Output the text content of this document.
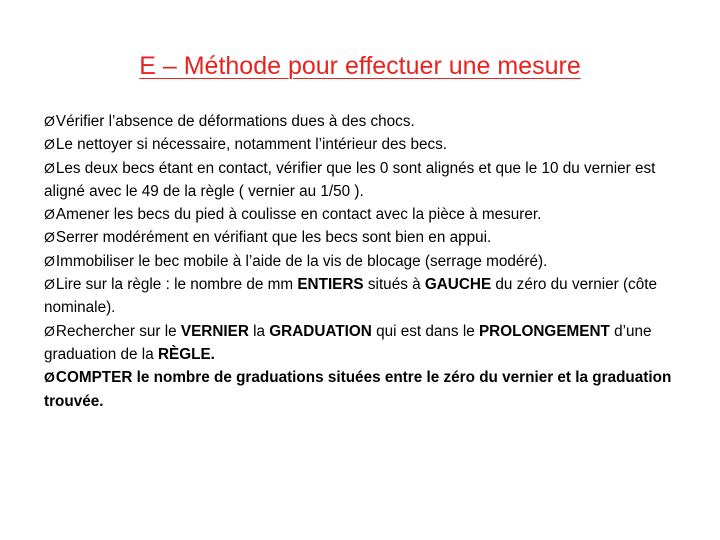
E – Méthode pour effectuer une mesure
ØVérifier l’absence de déformations dues à des chocs.
ØLe nettoyer si nécessaire, notamment l’intérieur des becs.
ØLes deux becs étant en contact, vérifier que les 0 sont alignés et que le 10 du vernier est aligné avec le 49 de la règle ( vernier au 1/50 ).
ØAmener les becs du pied à coulisse en contact avec la pièce à mesurer.
ØSerrer modérément en vérifiant que les becs sont bien en appui.
ØImmobiliser le bec mobile à l’aide de la vis de blocage (serrage modéré).
ØLire sur la règle : le nombre de mm ENTIERS situés à GAUCHE du zéro du vernier (côte nominale).
ØRechercher sur le VERNIER la GRADUATION qui est dans le PROLONGEMENT d’une graduation de la RÈGLE.
ØCOMPTER le nombre de graduations situées entre le zéro du vernier et la graduation trouvée.
